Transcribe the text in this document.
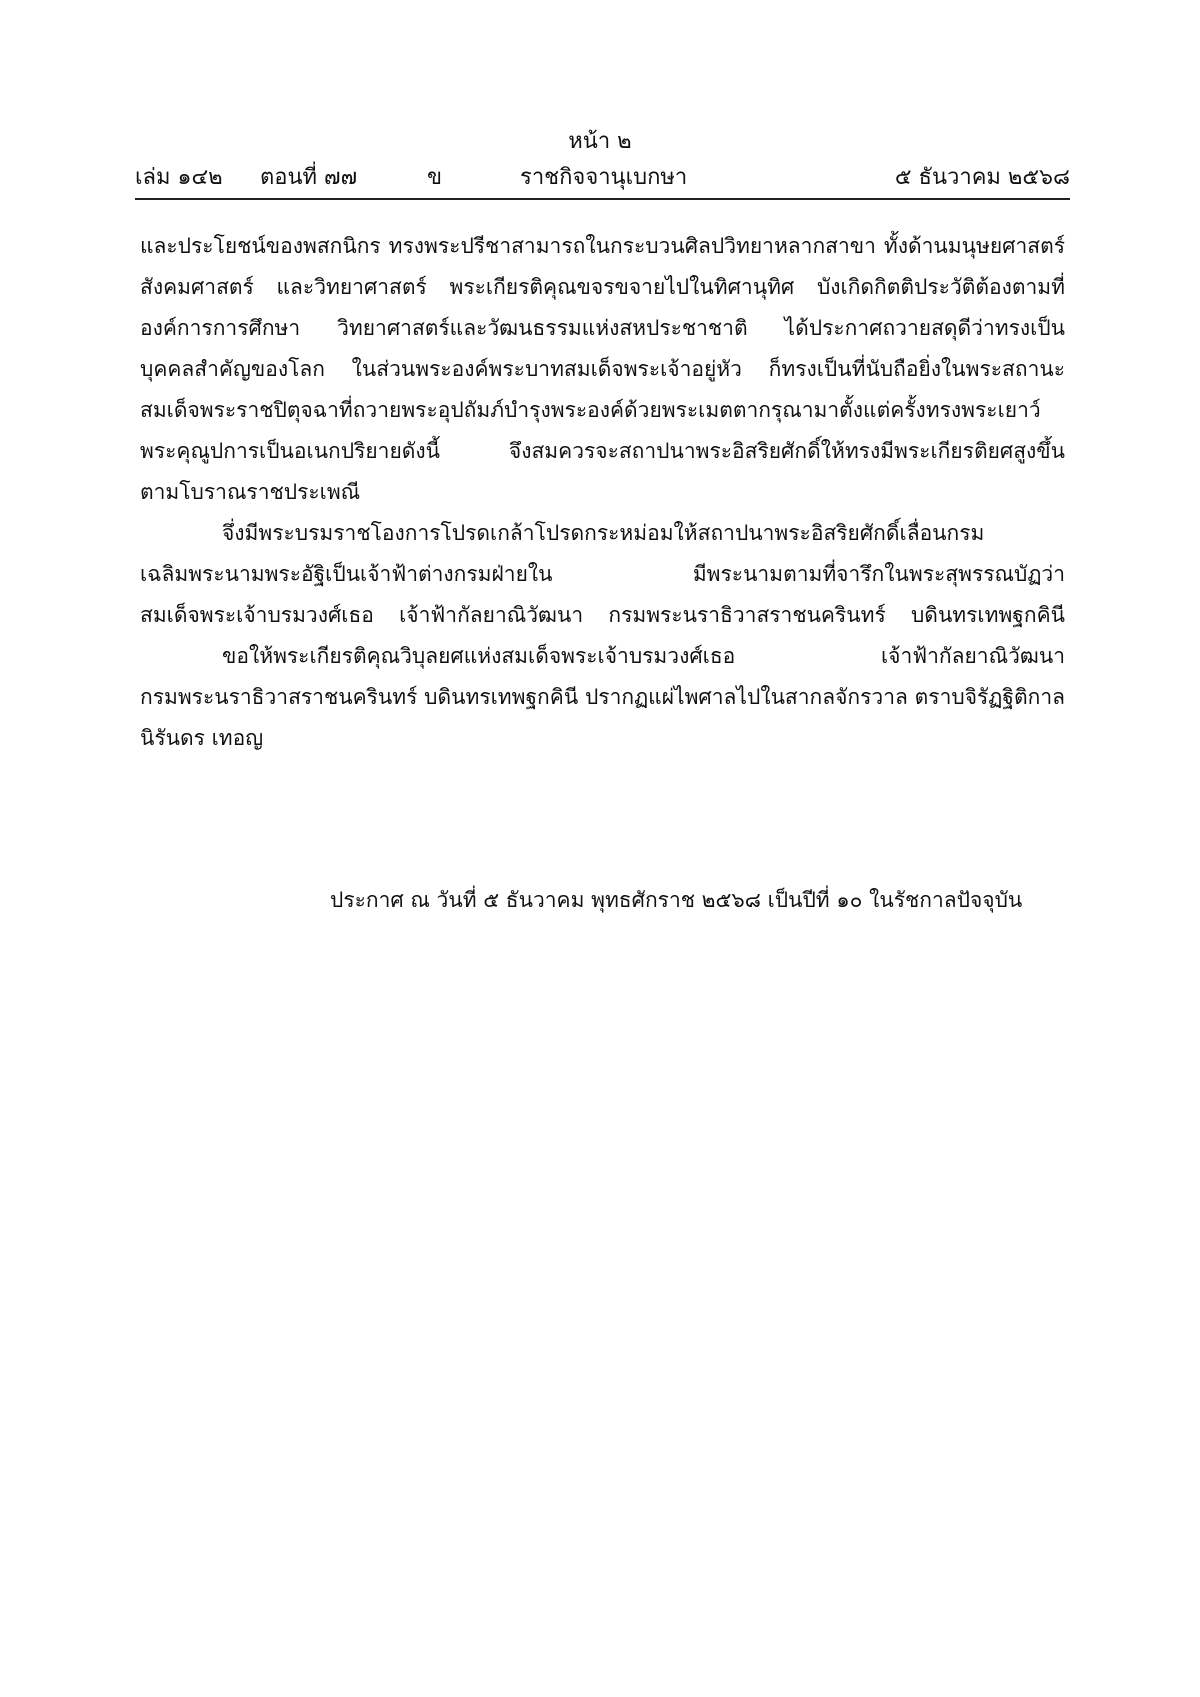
หน้า ๒
เล่ม ๑๔๒ ตอนที่ ๗๗	ข	ราชกิจจานุเบกษา	๕ ธันวาคม ๒๕๖๘
และประโยชน์ของพสกนิกร ทรงพระปรีชาสามารถในกระบวนศิลปวิทยาหลากสาขา ทั้งด้านมนุษยศาสตร์
สังคมศาสตร์ และวิทยาศาสตร์ พระเกียรติคุณขจรขจายไปในทิศานุทิศ บังเกิดกิตติประวัติต้องตามที่
องค์การการศึกษา วิทยาศาสตร์และวัฒนธรรมแห่งสหประชาชาติ ได้ประกาศถวายสดุดีว่าทรงเป็น
บุคคลสำคัญของโลก ในส่วนพระองค์พระบาทสมเด็จพระเจ้าอยู่หัว ก็ทรงเป็นที่นับถือยิ่งในพระสถานะ
สมเด็จพระราชปิตุจฉาที่ถวายพระอุปถัมภ์บำรุงพระองค์ด้วยพระเมตตากรุณามาตั้งแต่ครั้งทรงพระเยาว์
พระคุณูปการเป็นอเนกปริยายดังนี้ จึงสมควรจะสถาปนาพระอิสริยศักดิ์ให้ทรงมีพระเกียรติยศสูงขึ้น
ตามโบราณราชประเพณี
จึ่งมีพระบรมราชโองการโปรดเกล้าโปรดกระหม่อมให้สถาปนาพระอิสริยศักดิ์เลื่อนกรม
เฉลิมพระนามพระอัฐิเป็นเจ้าฟ้าต่างกรมฝ่ายใน มีพระนามตามที่จารึกในพระสุพรรณบัฏว่า
สมเด็จพระเจ้าบรมวงศ์เธอ เจ้าฟ้ากัลยาณิวัฒนา กรมพระนราธิวาสราชนครินทร์ บดินทรเทพฐกคินี
ขอให้พระเกียรติคุณวิบุลยศแห่งสมเด็จพระเจ้าบรมวงศ์เธอ เจ้าฟ้ากัลยาณิวัฒนา
กรมพระนราธิวาสราชนครินทร์ บดินทรเทพฐกคินี ปรากฏแผ่ไพศาลไปในสากลจักรวาล ตราบจิรัฏฐิติกาล
นิรันดร เทอญ
ประกาศ ณ วันที่ ๕ ธันวาคม พุทธศักราช ๒๕๖๘ เป็นปีที่ ๑๐ ในรัชกาลปัจจุบัน
